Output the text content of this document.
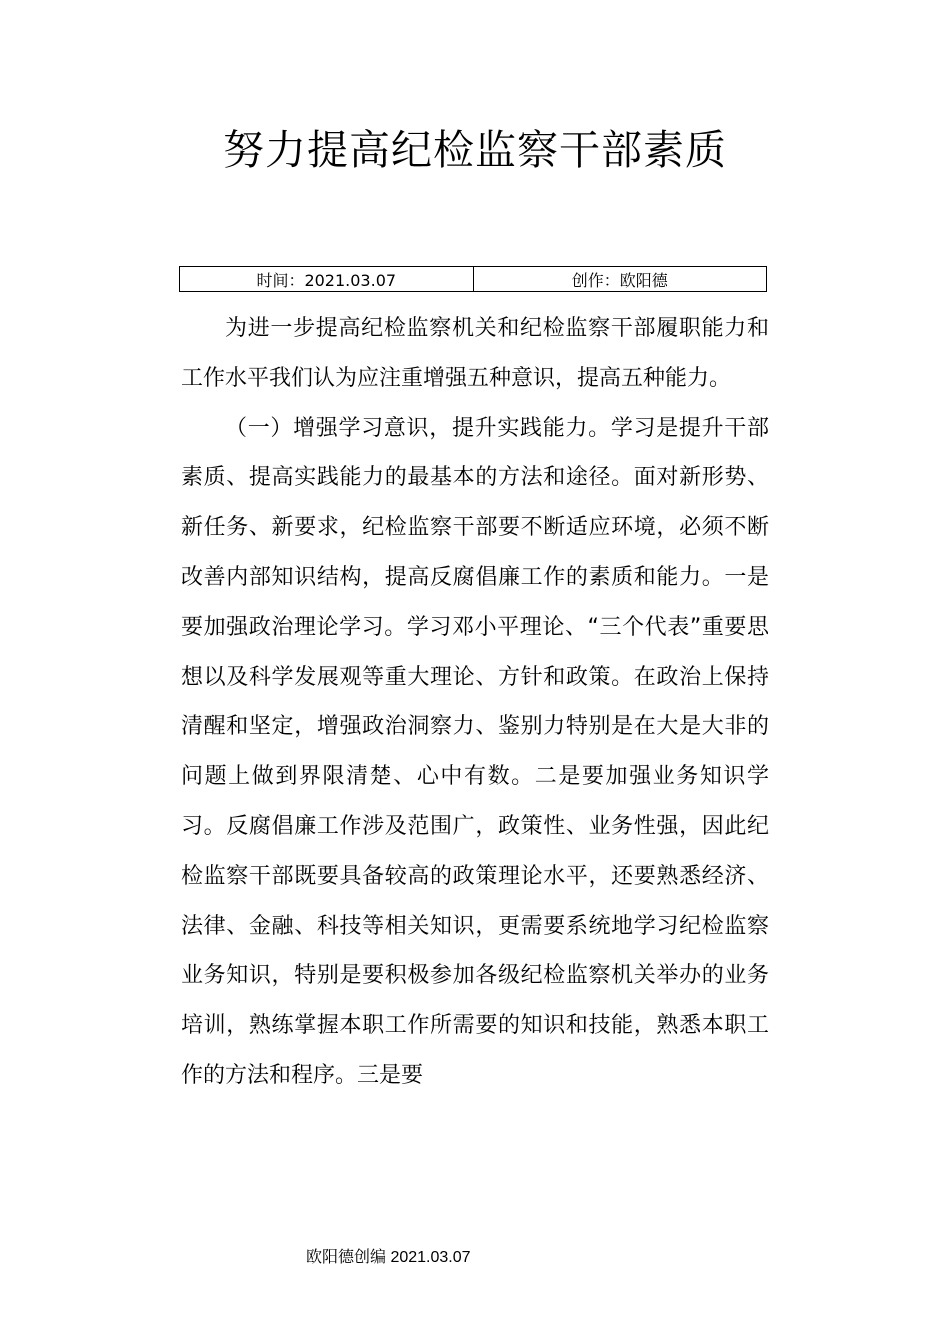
努力提高纪检监察干部素质
时间：2021.03.07	创作：欧阳德

为进一步提高纪检监察机关和纪检监察干部履职能力和工作水平我们认为应注重增强五种意识，提高五种能力。

（一）增强学习意识，提升实践能力。学习是提升干部素质、提高实践能力的最基本的方法和途径。面对新形势、新任务、新要求，纪检监察干部要不断适应环境，必须不断改善内部知识结构，提高反腐倡廉工作的素质和能力。一是要加强政治理论学习。学习邓小平理论、“三个代表”重要思想以及科学发展观等重大理论、方针和政策。在政治上保持清醒和坚定，增强政治洞察力、鉴别力特别是在大是大非的问题上做到界限清楚、心中有数。二是要加强业务知识学习。反腐倡廉工作涉及范围广，政策性、业务性强，因此纪检监察干部既要具备较高的政策理论水平，还要熟悉经济、法律、金融、科技等相关知识，更需要系统地学习纪检监察业务知识，特别是要积极参加各级纪检监察机关举办的业务培训，熟练掌握本职工作所需要的知识和技能，熟悉本职工作的方法和程序。三是要

欧阳德创编 2021.03.07
